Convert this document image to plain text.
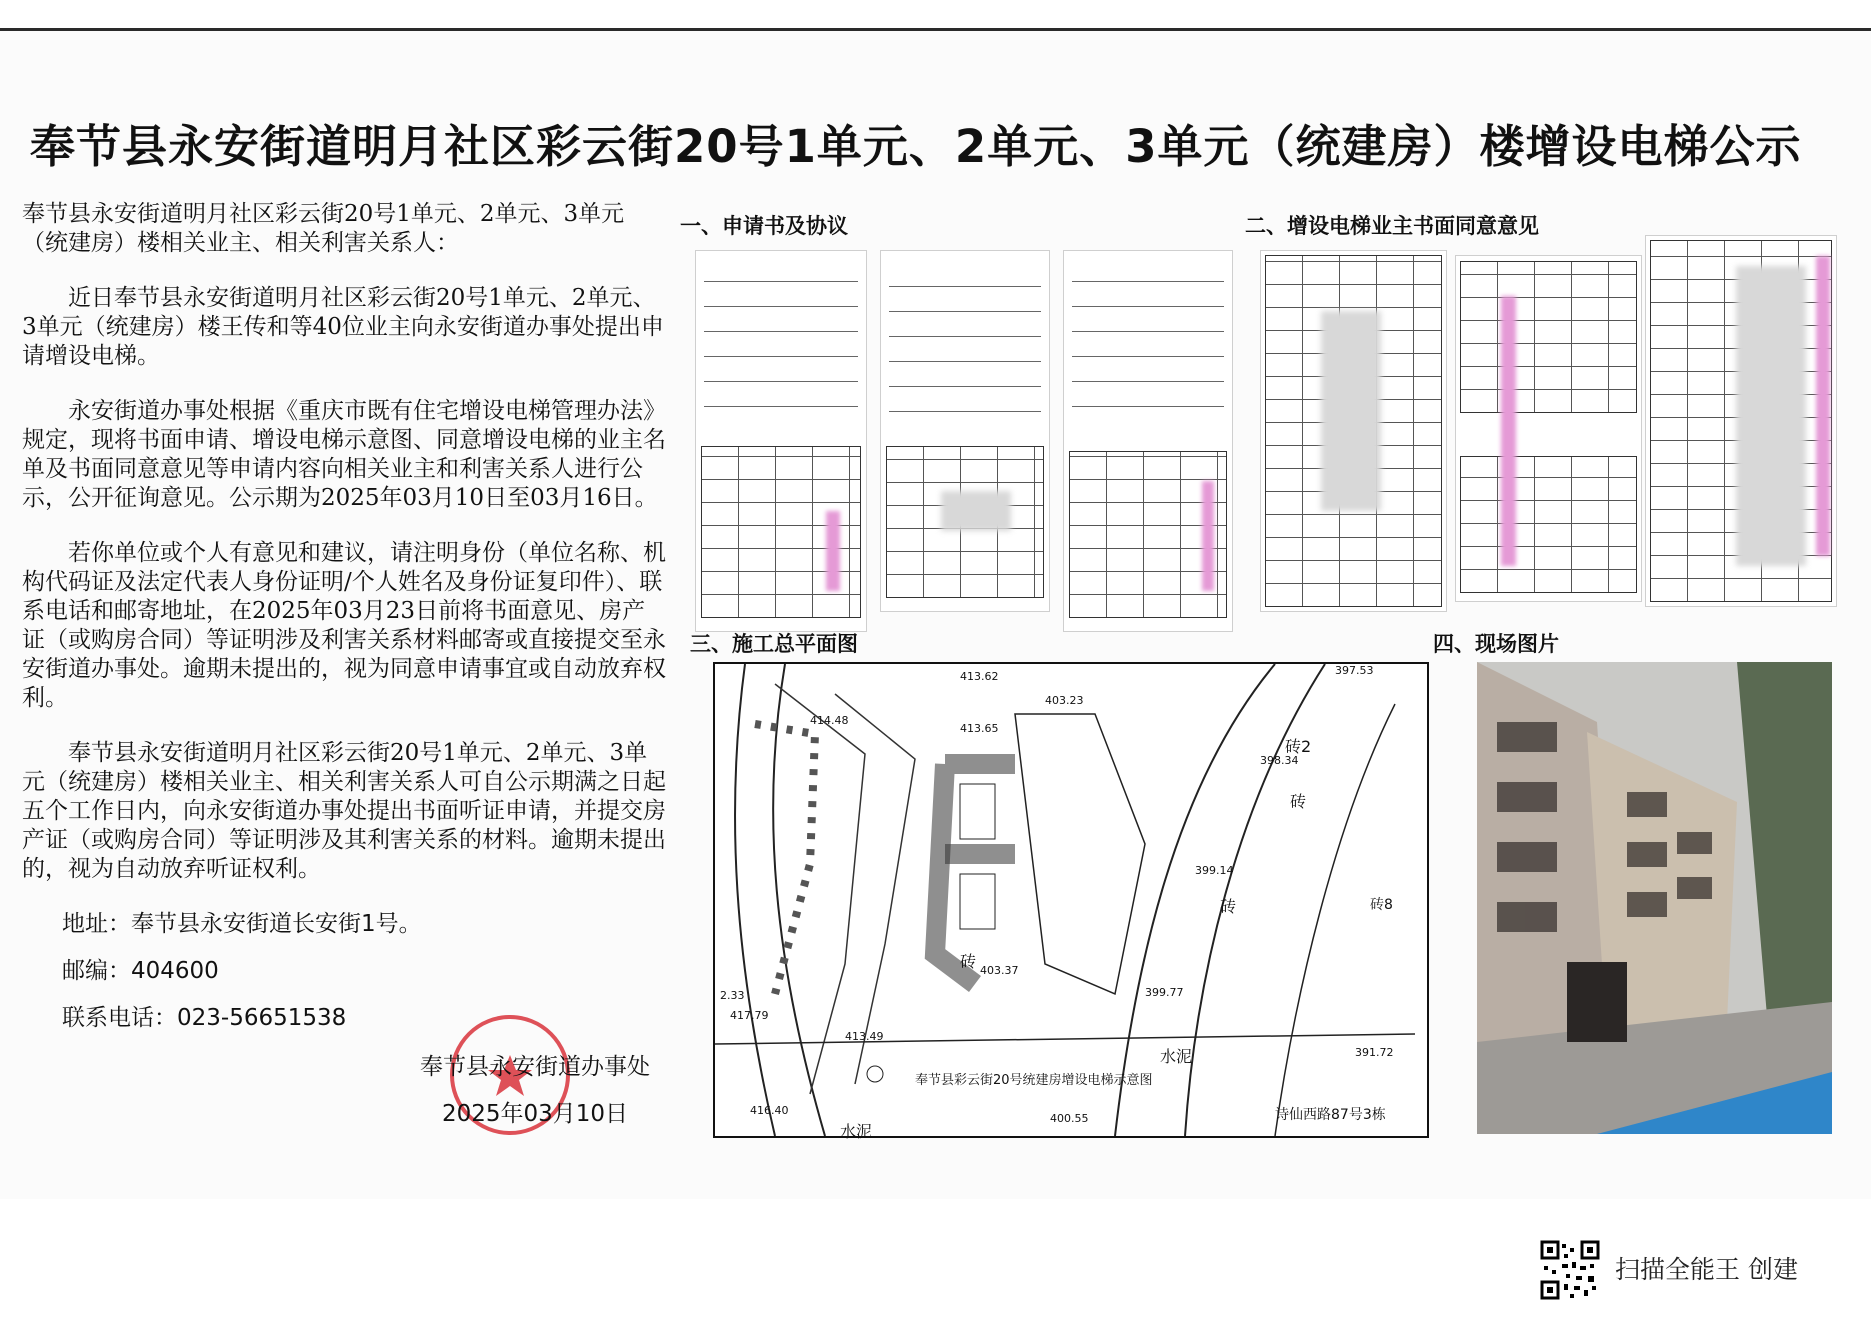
奉节县永安街道明月社区彩云街20号1单元、2单元、3单元（统建房）楼增设电梯公示

奉节县永安街道明月社区彩云街20号1单元、2单元、3单元（统建房）楼相关业主、相关利害关系人：

近日奉节县永安街道明月社区彩云街20号1单元、2单元、3单元（统建房）楼王传和等40位业主向永安街道办事处提出申请增设电梯。

永安街道办事处根据《重庆市既有住宅增设电梯管理办法》规定，现将书面申请、增设电梯示意图、同意增设电梯的业主名单及书面同意意见等申请内容向相关业主和利害关系人进行公示，公开征询意见。公示期为2025年03月10日至03月16日。

若你单位或个人有意见和建议，请注明身份（单位名称、机构代码证及法定代表人身份证明/个人姓名及身份证复印件）、联系电话和邮寄地址，在2025年03月23日前将书面意见、房产证（或购房合同）等证明涉及利害关系材料邮寄或直接提交至永安街道办事处。逾期未提出的，视为同意申请事宜或自动放弃权利。

奉节县永安街道明月社区彩云街20号1单元、2单元、3单元（统建房）楼相关业主、相关利害关系人可自公示期满之日起五个工作日内，向永安街道办事处提出书面听证申请，并提交房产证（或购房合同）等证明涉及其利害关系的材料。逾期未提出的，视为自动放弃听证权利。

地址：奉节县永安街道长安街1号。

邮编：404600

联系电话：023-56651538

奉节县永安街道办事处
2025年03月10日
一、申请书及协议	二、增设电梯业主书面同意意见
三、施工总平面图
奉节县彩云街20号统建房增设电梯示意图
诗仙西路87号3栋
水泥
水泥
砖8
砖
砖
砖2
砖
413.62
414.48
413.65
403.23
397.53
398.34
399.14
399.77
391.72
413.49
416.40
400.55
417.79
403.37
2.33
四、现场图片
扫描全能王 创建
